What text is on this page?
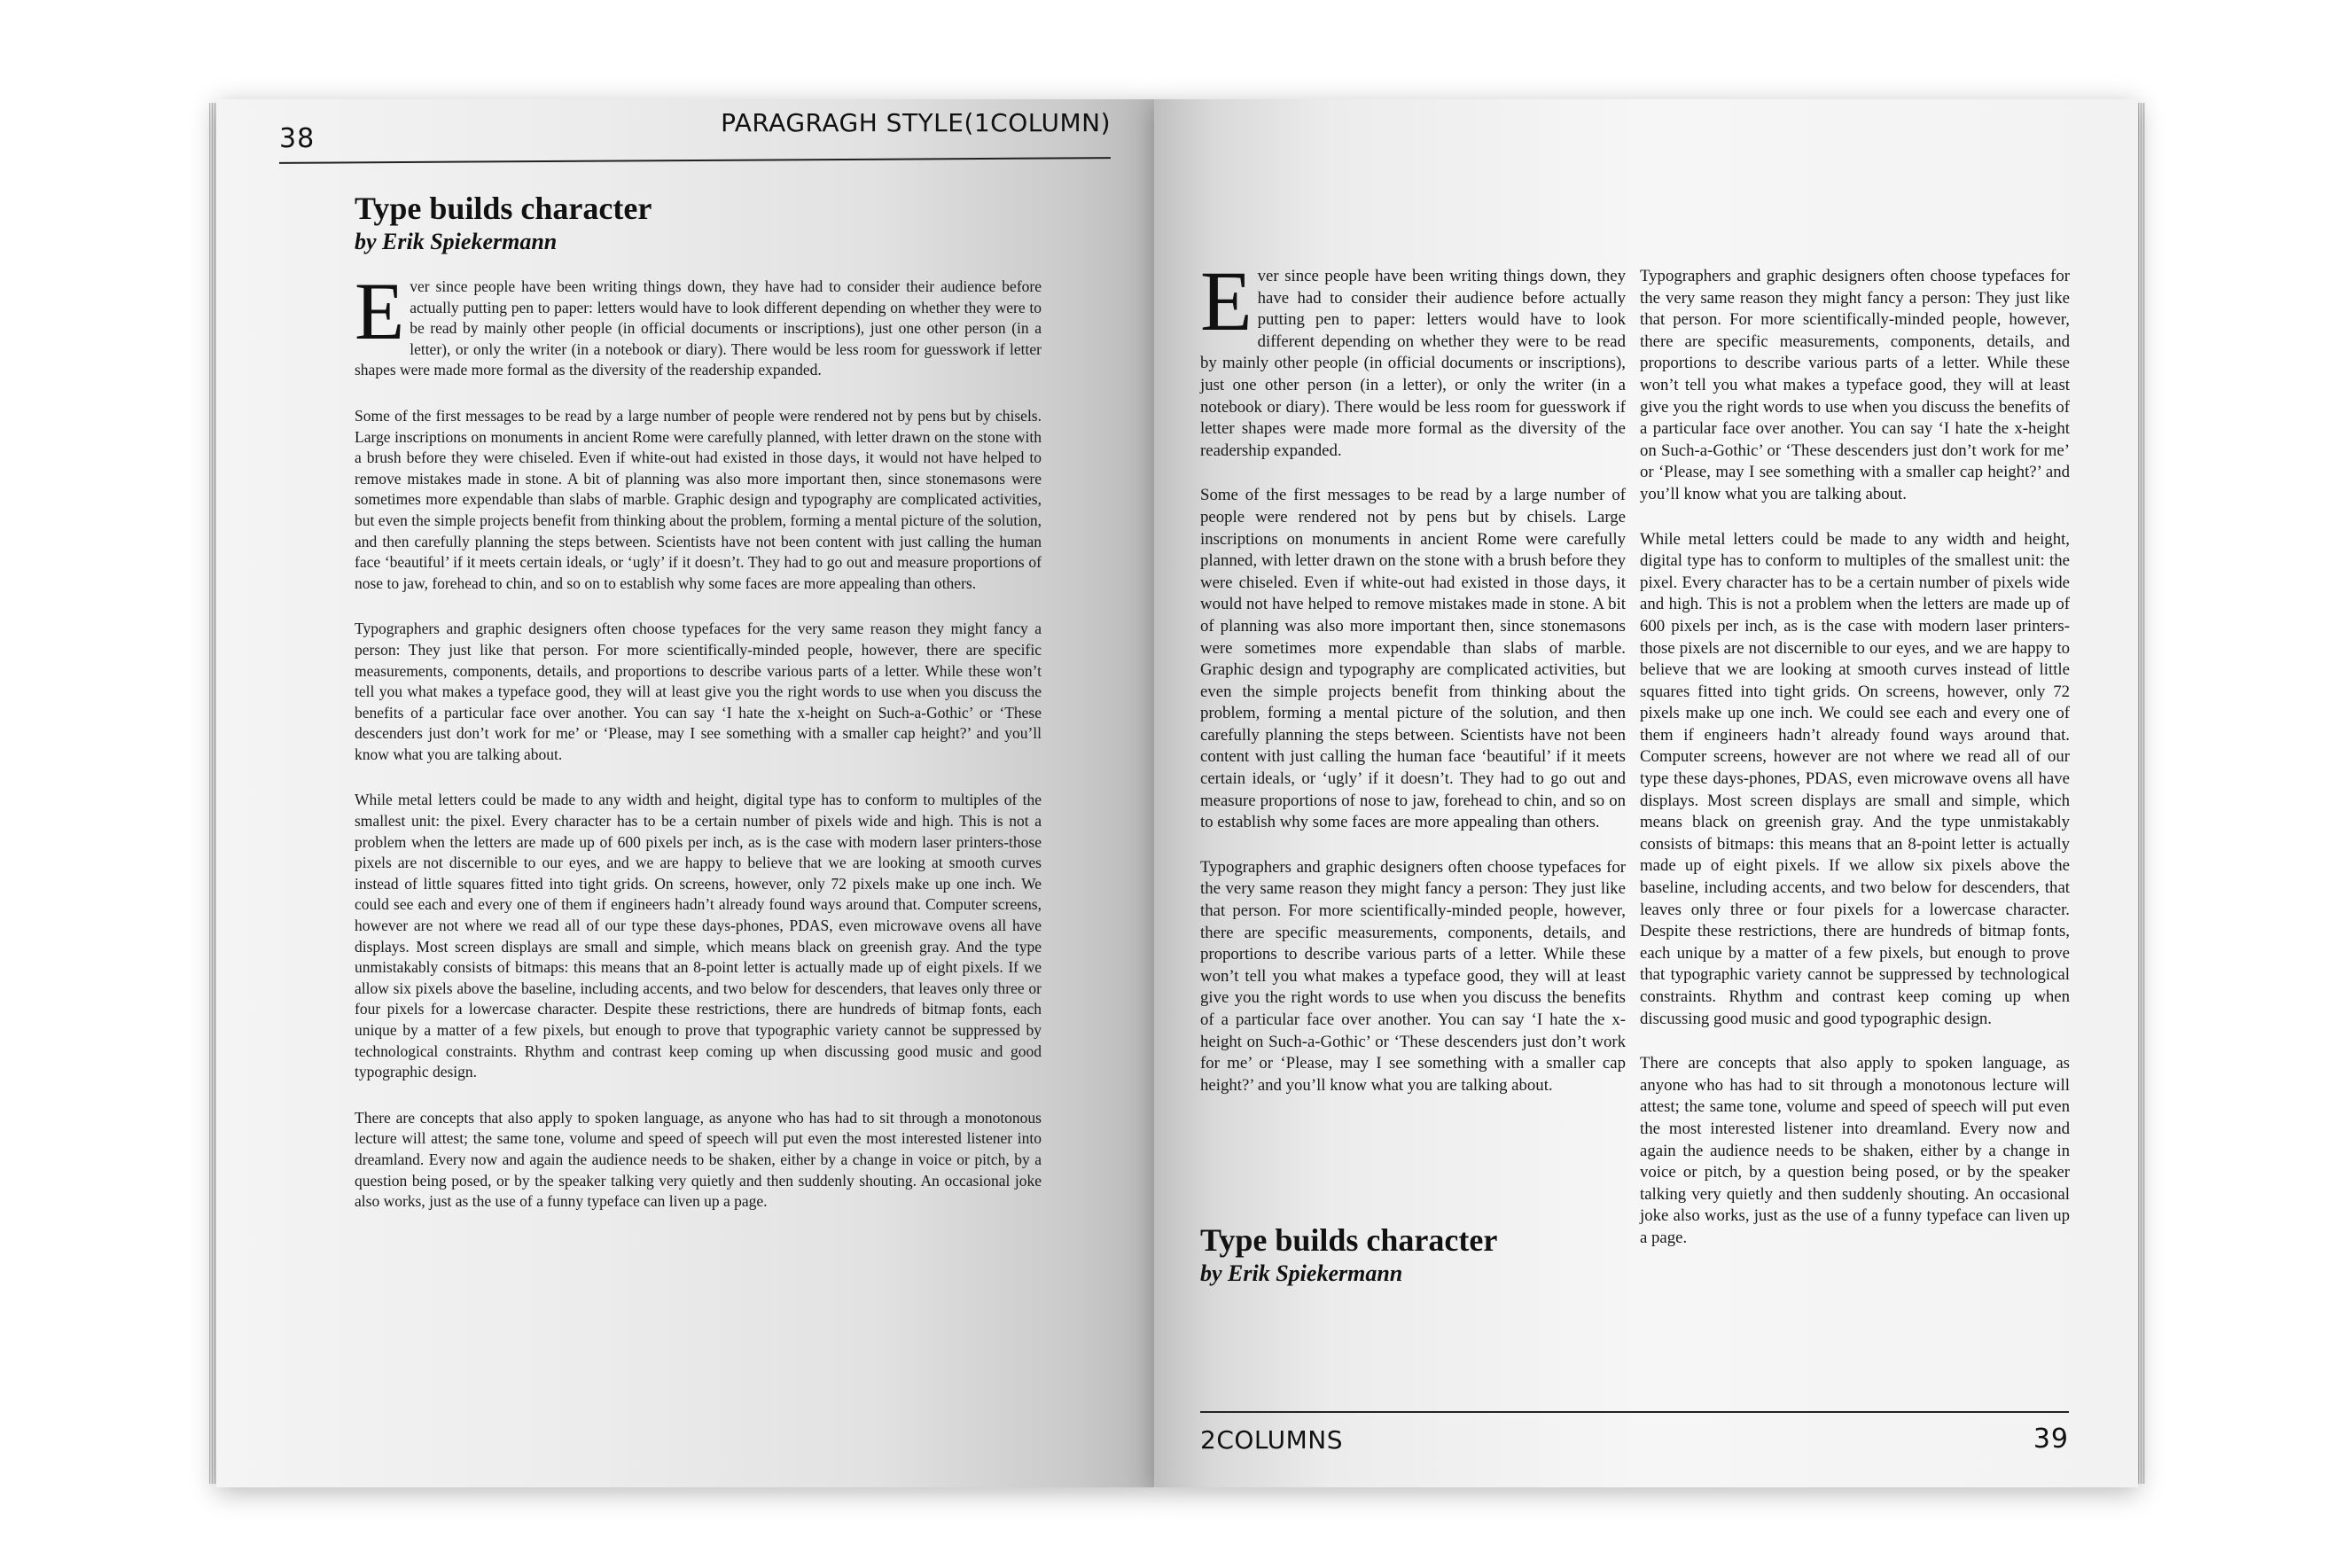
38
PARAGRAGH STYLE(1COLUMN)
Type builds character
by Erik Spiekermann

Ever since people have been writing things down, they have had to consider their audience before actually putting pen to paper: letters would have to look different depending on whether they were to be read by mainly other people (in official documents or inscriptions), just one other person (in a letter), or only the writer (in a notebook or diary). There would be less room for guesswork if letter shapes were made more formal as the diversity of the readership expanded.

Some of the first messages to be read by a large number of people were rendered not by pens but by chisels. Large inscriptions on monuments in ancient Rome were carefully planned, with letter drawn on the stone with a brush before they were chiseled. Even if white-out had existed in those days, it would not have helped to remove mistakes made in stone. A bit of planning was also more important then, since stonemasons were sometimes more expendable than slabs of marble. Graphic design and typography are complicated activities, but even the simple projects benefit from thinking about the problem, forming a mental picture of the solution, and then carefully planning the steps between. Scientists have not been content with just calling the human face ‘beautiful’ if it meets certain ideals, or ‘ugly’ if it doesn’t. They had to go out and measure proportions of nose to jaw, forehead to chin, and so on to establish why some faces are more appealing than others.

Typographers and graphic designers often choose typefaces for the very same reason they might fancy a person: They just like that person. For more scientifically-minded people, however, there are specific measurements, components, details, and proportions to describe various parts of a letter. While these won’t tell you what makes a typeface good, they will at least give you the right words to use when you discuss the benefits of a particular face over another. You can say ‘I hate the x-height on Such-a-Gothic’ or ‘These descenders just don’t work for me’ or ‘Please, may I see something with a smaller cap height?’ and you’ll know what you are talking about.

While metal letters could be made to any width and height, digital type has to conform to multiples of the smallest unit: the pixel. Every character has to be a certain number of pixels wide and high. This is not a problem when the letters are made up of 600 pixels per inch, as is the case with modern laser printers-those pixels are not discernible to our eyes, and we are happy to believe that we are looking at smooth curves instead of little squares fitted into tight grids. On screens, however, only 72 pixels make up one inch. We could see each and every one of them if engineers hadn’t already found ways around that. Computer screens, however are not where we read all of our type these days-phones, PDAS, even microwave ovens all have displays. Most screen displays are small and simple, which means black on greenish gray. And the type unmistakably consists of bitmaps: this means that an 8-point letter is actually made up of eight pixels. If we allow six pixels above the baseline, including accents, and two below for descenders, that leaves only three or four pixels for a lowercase character. Despite these restrictions, there are hundreds of bitmap fonts, each unique by a matter of a few pixels, but enough to prove that typographic variety cannot be suppressed by technological constraints. Rhythm and contrast keep coming up when discussing good music and good typographic design.

There are concepts that also apply to spoken language, as anyone who has had to sit through a monotonous lecture will attest; the same tone, volume and speed of speech will put even the most interested listener into dreamland. Every now and again the audience needs to be shaken, either by a change in voice or pitch, by a question being posed, or by the speaker talking very quietly and then suddenly shouting. An occasional joke also works, just as the use of a funny typeface can liven up a page.

Ever since people have been writing things down, they have had to consider their audience before actually putting pen to paper: letters would have to look different depending on whether they were to be read by mainly other people (in official documents or inscriptions), just one other person (in a letter), or only the writer (in a notebook or diary). There would be less room for guesswork if letter shapes were made more formal as the diversity of the readership expanded.

Some of the first messages to be read by a large number of people were rendered not by pens but by chisels. Large inscriptions on monuments in ancient Rome were carefully planned, with letter drawn on the stone with a brush before they were chiseled. Even if white-out had existed in those days, it would not have helped to remove mistakes made in stone. A bit of planning was also more important then, since stonemasons were sometimes more expendable than slabs of marble. Graphic design and typography are complicated activities, but even the simple projects benefit from thinking about the problem, forming a mental picture of the solution, and then carefully planning the steps between. Scientists have not been content with just calling the human face ‘beautiful’ if it meets certain ideals, or ‘ugly’ if it doesn’t. They had to go out and measure proportions of nose to jaw, forehead to chin, and so on to establish why some faces are more appealing than others.

Typographers and graphic designers often choose typefaces for the very same reason they might fancy a person: They just like that person. For more scientifically-minded people, however, there are specific measurements, components, details, and proportions to describe various parts of a letter. While these won’t tell you what makes a typeface good, they will at least give you the right words to use when you discuss the benefits of a particular face over another. You can say ‘I hate the x-height on Such-a-Gothic’ or ‘These descenders just don’t work for me’ or ‘Please, may I see something with a smaller cap height?’ and you’ll know what you are talking about.

Type builds character
by Erik Spiekermann

Typographers and graphic designers often choose typefaces for the very same reason they might fancy a person: They just like that person. For more scientifically-minded people, however, there are specific measurements, components, details, and proportions to describe various parts of a letter. While these won’t tell you what makes a typeface good, they will at least give you the right words to use when you discuss the benefits of a particular face over another. You can say ‘I hate the x-height on Such-a-Gothic’ or ‘These descenders just don’t work for me’ or ‘Please, may I see something with a smaller cap height?’ and you’ll know what you are talking about.

While metal letters could be made to any width and height, digital type has to conform to multiples of the smallest unit: the pixel. Every character has to be a certain number of pixels wide and high. This is not a problem when the letters are made up of 600 pixels per inch, as is the case with modern laser printers-those pixels are not discernible to our eyes, and we are happy to believe that we are looking at smooth curves instead of little squares fitted into tight grids. On screens, however, only 72 pixels make up one inch. We could see each and every one of them if engineers hadn’t already found ways around that. Computer screens, however are not where we read all of our type these days-phones, PDAS, even microwave ovens all have displays. Most screen displays are small and simple, which means black on greenish gray. And the type unmistakably consists of bitmaps: this means that an 8-point letter is actually made up of eight pixels. If we allow six pixels above the baseline, including accents, and two below for descenders, that leaves only three or four pixels for a lowercase character. Despite these restrictions, there are hundreds of bitmap fonts, each unique by a matter of a few pixels, but enough to prove that typographic variety cannot be suppressed by technological constraints. Rhythm and contrast keep coming up when discussing good music and good typographic design.

There are concepts that also apply to spoken language, as anyone who has had to sit through a monotonous lecture will attest; the same tone, volume and speed of speech will put even the most interested listener into dreamland. Every now and again the audience needs to be shaken, either by a change in voice or pitch, by a question being posed, or by the speaker talking very quietly and then suddenly shouting. An occasional joke also works, just as the use of a funny typeface can liven up a page.

2COLUMNS	39
